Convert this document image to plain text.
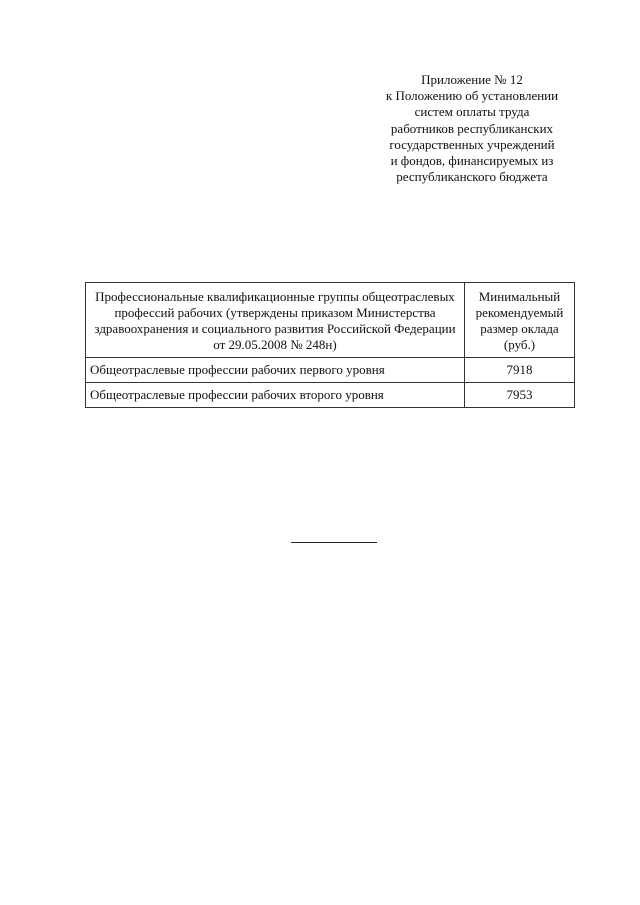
Приложение № 12
к Положению об установлении
систем оплаты труда
работников республиканских
государственных учреждений
и фондов, финансируемых из
республиканского бюджета
Профессиональные квалификационные группы общеотраслевых профессий рабочих (утверждены приказом Министерства здравоохранения и социального развития Российской Федерации от 29.05.2008 № 248н)	Минимальный рекомендуемый размер оклада (руб.)
Общеотраслевые профессии рабочих первого уровня	7918
Общеотраслевые профессии рабочих второго уровня	7953
